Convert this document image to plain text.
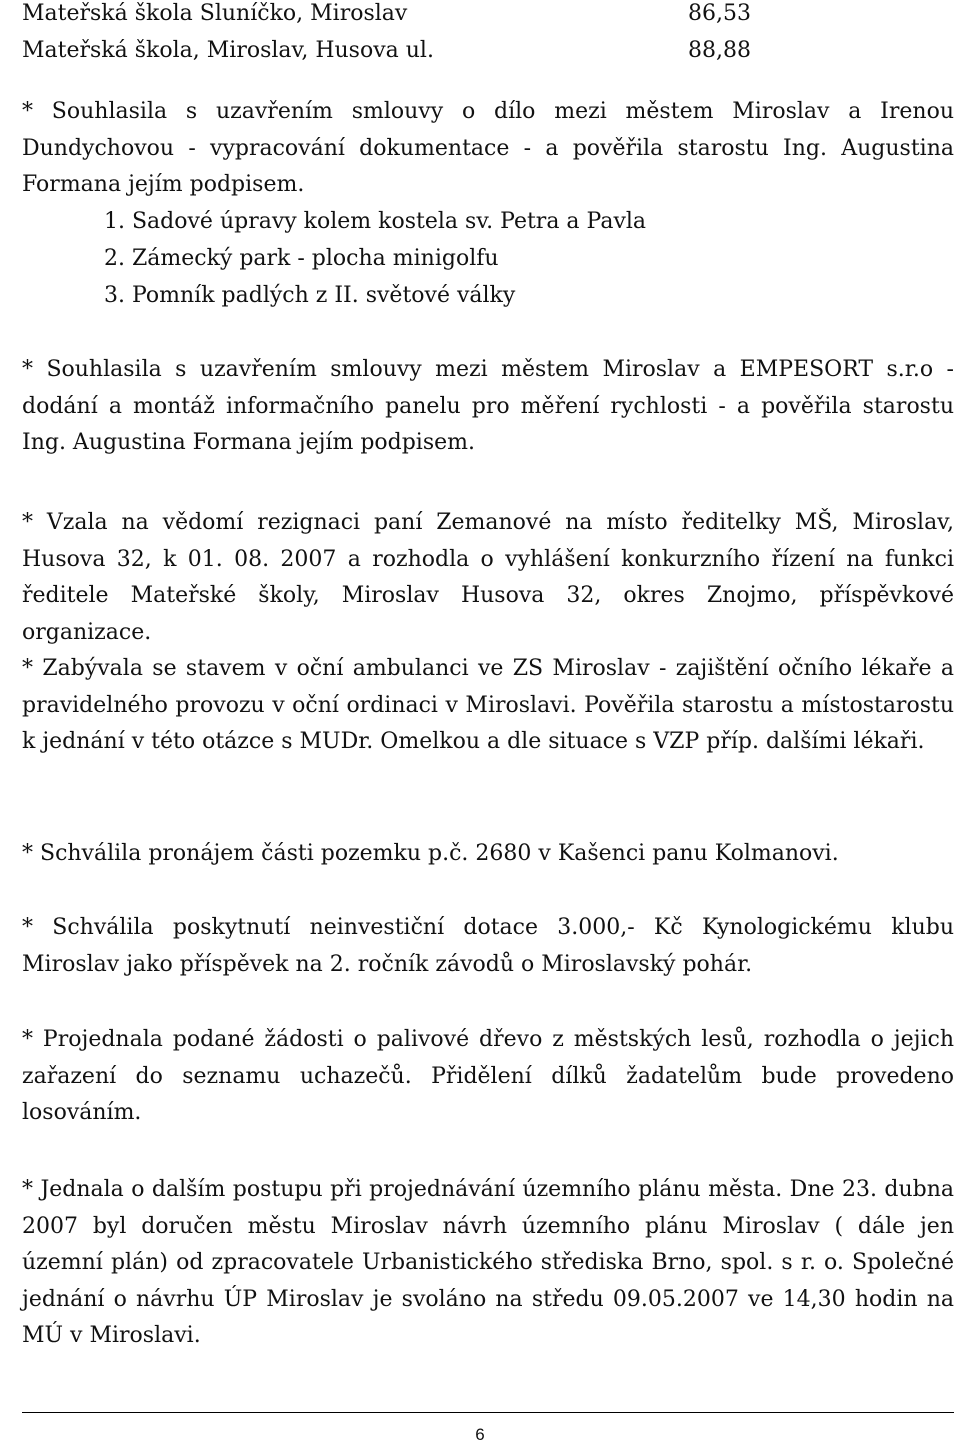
Mateřská škola Sluníčko, Miroslav	86,53
Mateřská škola, Miroslav, Husova ul.	88,88

* Souhlasila s uzavřením smlouvy o dílo mezi městem Miroslav a Irenou Dundychovou - vypracování dokumentace - a pověřila starostu Ing. Augustina Formana jejím podpisem.

1. Sadové úpravy kolem kostela sv. Petra a Pavla
2. Zámecký park - plocha minigolfu
3. Pomník padlých z II. světové války

* Souhlasila s uzavřením smlouvy mezi městem Miroslav a EMPESORT s.r.o - dodání a montáž informačního panelu pro měření rychlosti - a pověřila starostu Ing. Augustina Formana jejím podpisem.

* Vzala na vědomí rezignaci paní Zemanové na místo ředitelky MŠ, Miroslav, Husova 32, k 01. 08. 2007 a rozhodla o vyhlášení konkurzního řízení na funkci ředitele Mateřské školy, Miroslav Husova 32, okres Znojmo, příspěvkové organizace.

* Zabývala se stavem v oční ambulanci ve ZS Miroslav - zajištění očního lékaře a pravidelného provozu v oční ordinaci v Miroslavi. Pověřila starostu a místostarostu k jednání v této otázce s MUDr. Omelkou a dle situace s VZP příp. dalšími lékaři.

* Schválila pronájem části pozemku p.č. 2680 v Kašenci panu Kolmanovi.

* Schválila poskytnutí neinvestiční dotace 3.000,- Kč Kynologickému klubu Miroslav jako příspěvek na 2. ročník závodů o Miroslavský pohár.

* Projednala podané žádosti o palivové dřevo z městských lesů, rozhodla o jejich zařazení do seznamu uchazečů. Přidělení dílků žadatelům bude provedeno losováním.

* Jednala o dalším postupu při projednávání územního plánu města. Dne 23. dubna 2007 byl doručen městu Miroslav návrh územního plánu Miroslav ( dále jen územní plán) od zpracovatele Urbanistického střediska Brno, spol. s r. o. Společné jednání o návrhu ÚP Miroslav je svoláno na středu 09.05.2007 ve 14,30 hodin na MÚ v Miroslavi.

6
